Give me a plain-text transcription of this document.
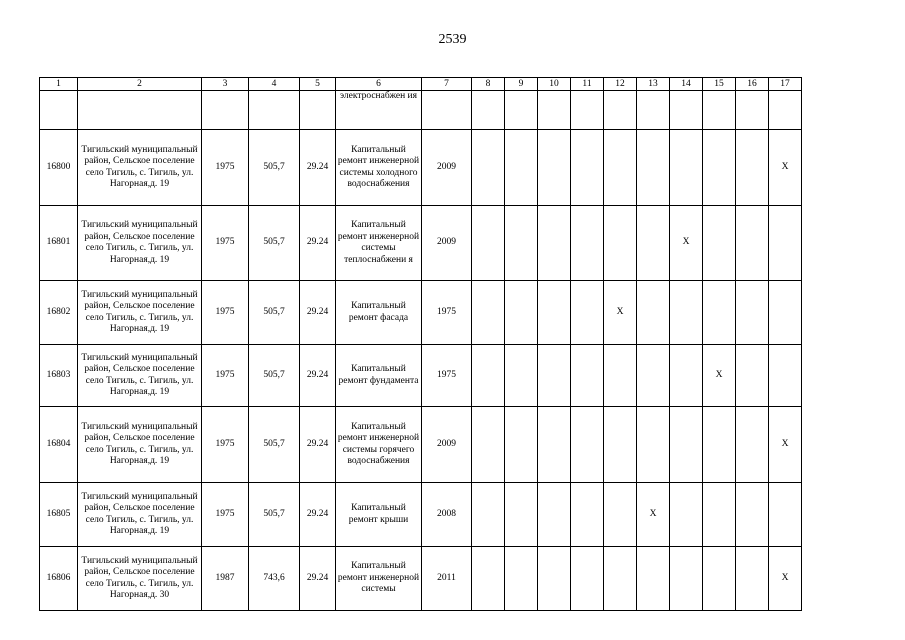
2539
1	2	3	4	5	6	7	8	9	10	11	12	13	14	15	16	17
					электроснабжен ия											
16800	Тигильский муниципальный район, Сельское поселение село Тигиль, с. Тигиль, ул. Нагорная,д. 19	1975	505,7	29.24	Капитальный ремонт инженерной системы холодного водоснабжения	2009										X
16801	Тигильский муниципальный район, Сельское поселение село Тигиль, с. Тигиль, ул. Нагорная,д. 19	1975	505,7	29.24	Капитальный ремонт инженерной системы теплоснабжени я	2009							X			
16802	Тигильский муниципальный район, Сельское поселение село Тигиль, с. Тигиль, ул. Нагорная,д. 19	1975	505,7	29.24	Капитальный ремонт фасада	1975					X					
16803	Тигильский муниципальный район, Сельское поселение село Тигиль, с. Тигиль, ул. Нагорная,д. 19	1975	505,7	29.24	Капитальный ремонт фундамента	1975								X		
16804	Тигильский муниципальный район, Сельское поселение село Тигиль, с. Тигиль, ул. Нагорная,д. 19	1975	505,7	29.24	Капитальный ремонт инженерной системы горячего водоснабжения	2009										X
16805	Тигильский муниципальный район, Сельское поселение село Тигиль, с. Тигиль, ул. Нагорная,д. 19	1975	505,7	29.24	Капитальный ремонт крыши	2008						X				
16806	Тигильский муниципальный район, Сельское поселение село Тигиль, с. Тигиль, ул. Нагорная,д. 30	1987	743,6	29.24	Капитальный ремонт инженерной системы	2011										X
